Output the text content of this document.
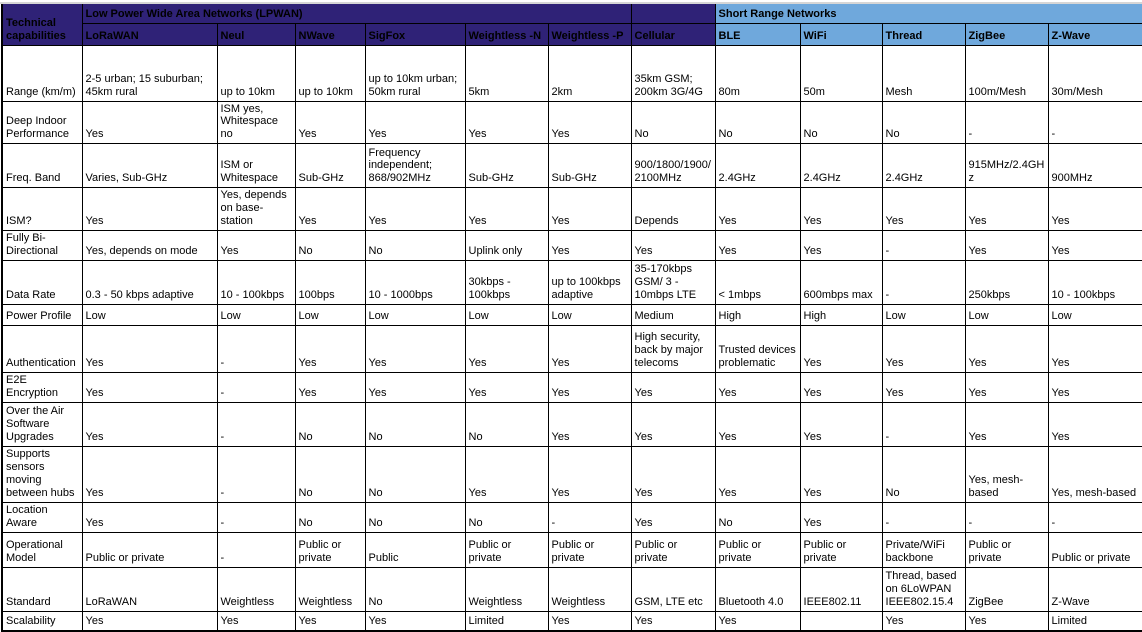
Technical capabilities	Low Power Wide Area Networks (LPWAN)							Short Range Networks				
	LoRaWAN	Neul	NWave	SigFox	Weightless -N	Weightless -P	Cellular	BLE	WiFi	Thread	ZigBee	Z-Wave
Range (km/m)	2-5 urban; 15 suburban; 45km rural	up to 10km	up to 10km	up to 10km urban; 50km rural	5km	2km	35km GSM; 200km 3G/4G	80m	50m	Mesh	100m/Mesh	30m/Mesh
Deep Indoor Performance	Yes	ISM yes, Whitespace no	Yes	Yes	Yes	Yes	No	No	No	No	-	-
Freq. Band	Varies, Sub-GHz	ISM or Whitespace	Sub-GHz	Frequency independent; 868/902MHz	Sub-GHz	Sub-GHz	900/1800/1900/2100MHz	2.4GHz	2.4GHz	2.4GHz	915MHz/2.4GHz	900MHz
ISM?	Yes	Yes, depends on base-station	Yes	Yes	Yes	Yes	Depends	Yes	Yes	Yes	Yes	Yes
Fully Bi-Directional	Yes, depends on mode	Yes	No	No	Uplink only	Yes	Yes	Yes	Yes	-	Yes	Yes
Data Rate	0.3 - 50 kbps adaptive	10 - 100kbps	100bps	10 - 1000bps	30kbps - 100kbps	up to 100kbps adaptive	35-170kbps GSM/ 3 - 10mbps LTE	< 1mbps	600mbps max	-	250kbps	10 - 100kbps
Power Profile	Low	Low	Low	Low	Low	Low	Medium	High	High	Low	Low	Low
Authentication	Yes	-	Yes	Yes	Yes	Yes	High security, back by major telecoms	Trusted devices problematic	Yes	Yes	Yes	Yes
E2E Encryption	Yes	-	Yes	Yes	Yes	Yes	Yes	Yes	Yes	Yes	Yes	Yes
Over the Air Software Upgrades	Yes	-	No	No	No	Yes	Yes	Yes	Yes	-	Yes	Yes
Supports sensors moving between hubs	Yes	-	No	No	Yes	Yes	Yes	Yes	Yes	No	Yes, mesh-based	Yes, mesh-based
Location Aware	Yes	-	No	No	No	-	Yes	No	Yes	-	-	-
Operational Model	Public or private	-	Public or private	Public	Public or private	Public or private	Public or private	Public or private	Public or private	Private/WiFi backbone	Public or private	Public or private
Standard	LoRaWAN	Weightless	Weightless	No	Weightless	Weightless	GSM, LTE etc	Bluetooth 4.0	IEEE802.11	Thread, based on 6LoWPAN IEEE802.15.4	ZigBee	Z-Wave
Scalability	Yes	Yes	Yes	Yes	Limited	Yes	Yes	Yes		Yes	Yes	Limited
